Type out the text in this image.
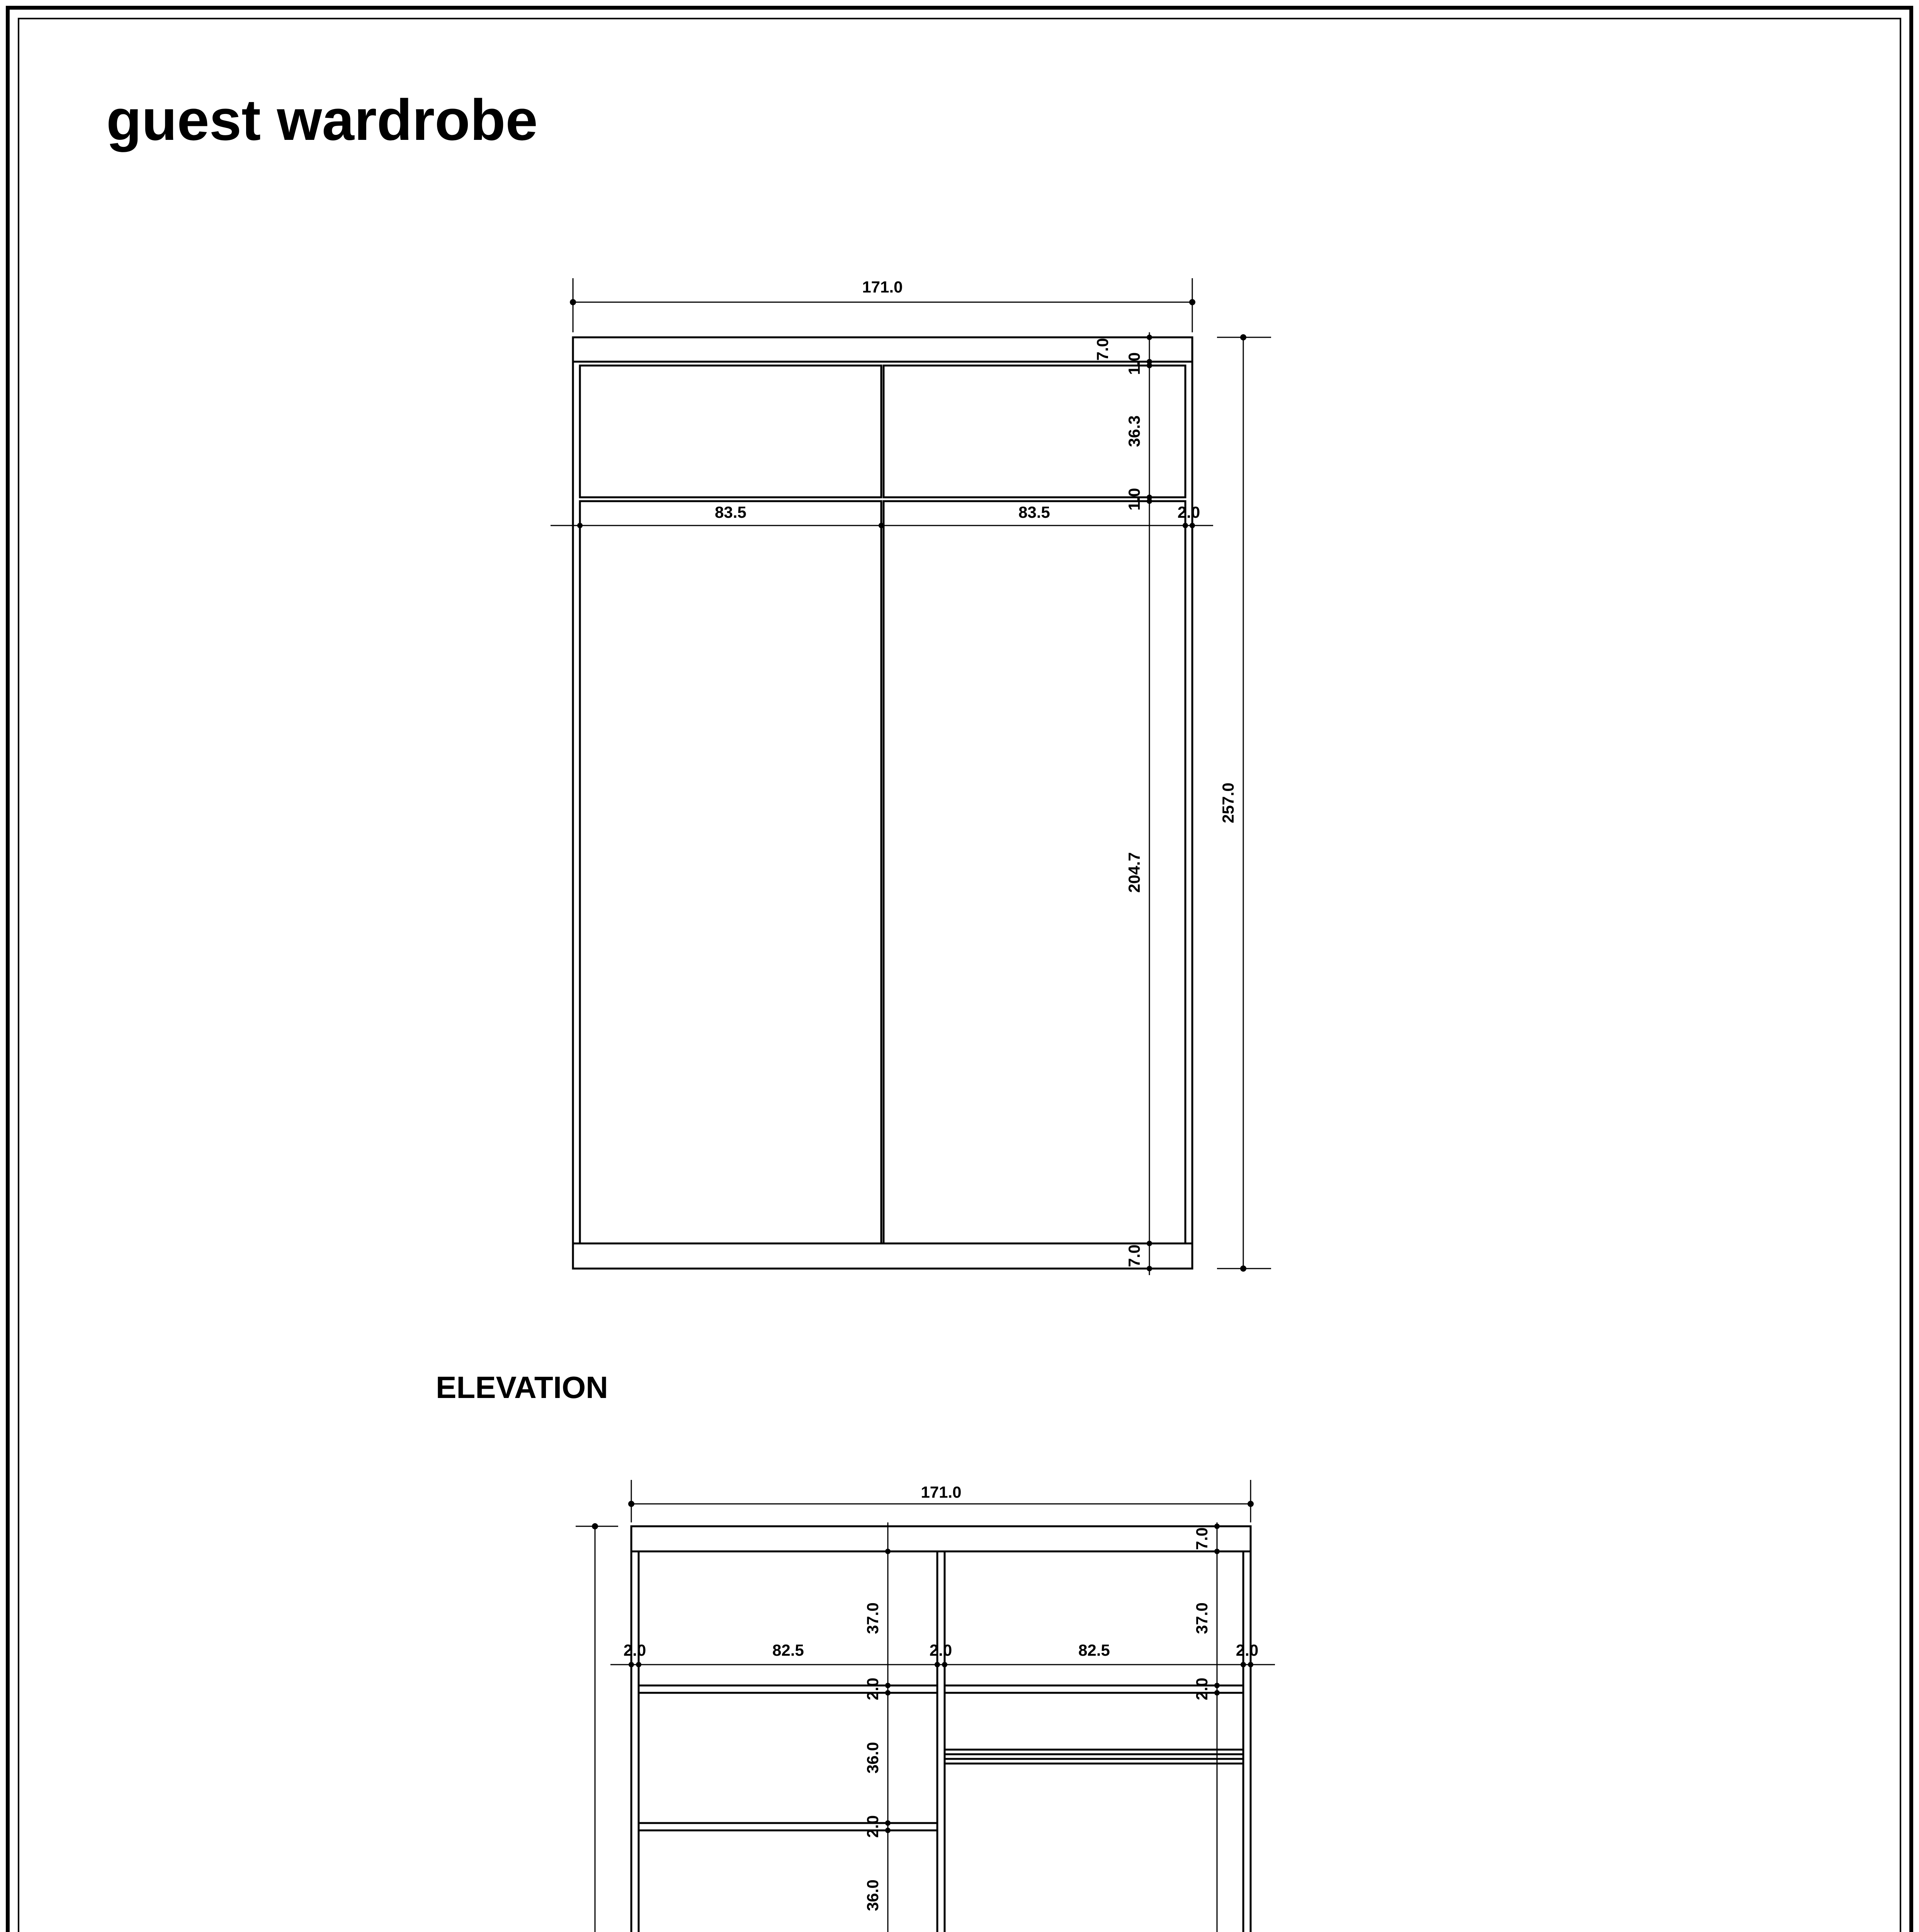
guest wardrobe
171.0
83.5	83.5	2.0
257.0
7.0
1.0
36.3
1.0
204.7
7.0
ELEVATION
171.0
2.0	82.5	2.0	82.5	2.0
7.0
37.0
2.0
36.0
2.0
36.0
37.0
2.0
